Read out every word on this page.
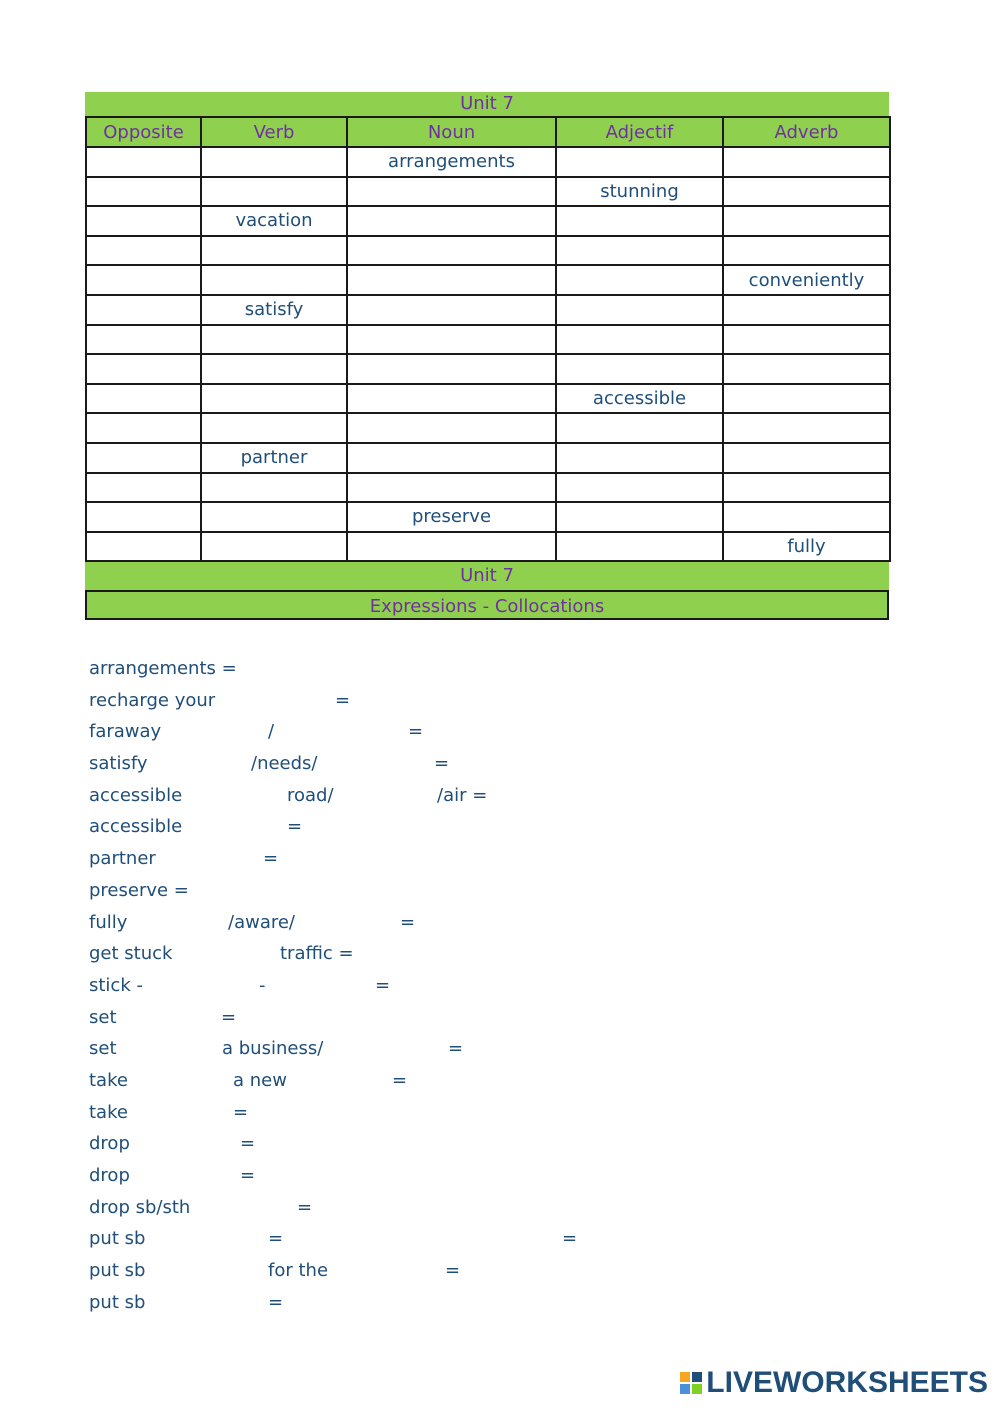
Unit 7
Opposite	Verb	Noun	Adjectif	Adverb
		arrangements		
			stunning	
	vacation			

				conveniently
	satisfy			

			accessible	

	partner			

		preserve		
				fully
Unit 7
Expressions - Collocations
arrangements =
recharge your	=
faraway	/	=
satisfy	/needs/	=
accessible	road/	/air =
accessible	=
partner	=
preserve =
fully	/aware/	=
get stuck	traffic =
stick -	-	=
set	=
set	a business/	=
take	a new	=
take	=
drop	=
drop	=
drop sb/sth	=
put sb	=	=
put sb	for the	=
put sb	=
LIVEWORKSHEETS
